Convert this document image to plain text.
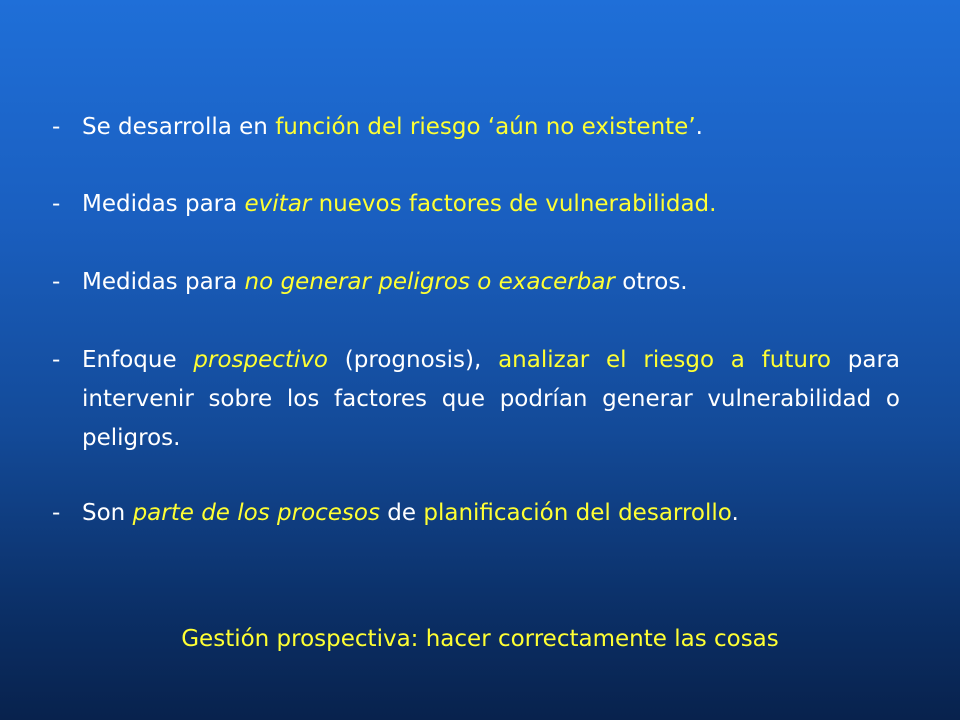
- Se desarrolla en función del riesgo ‘aún no existente’.
- Medidas para evitar nuevos factores de vulnerabilidad.
- Medidas para no generar peligros o exacerbar otros.
- Enfoque prospectivo (prognosis), analizar el riesgo a futuro para intervenir sobre los factores que podrían generar vulnerabilidad o peligros.
- Son parte de los procesos de planificación del desarrollo.
Gestión prospectiva: hacer correctamente las cosas
